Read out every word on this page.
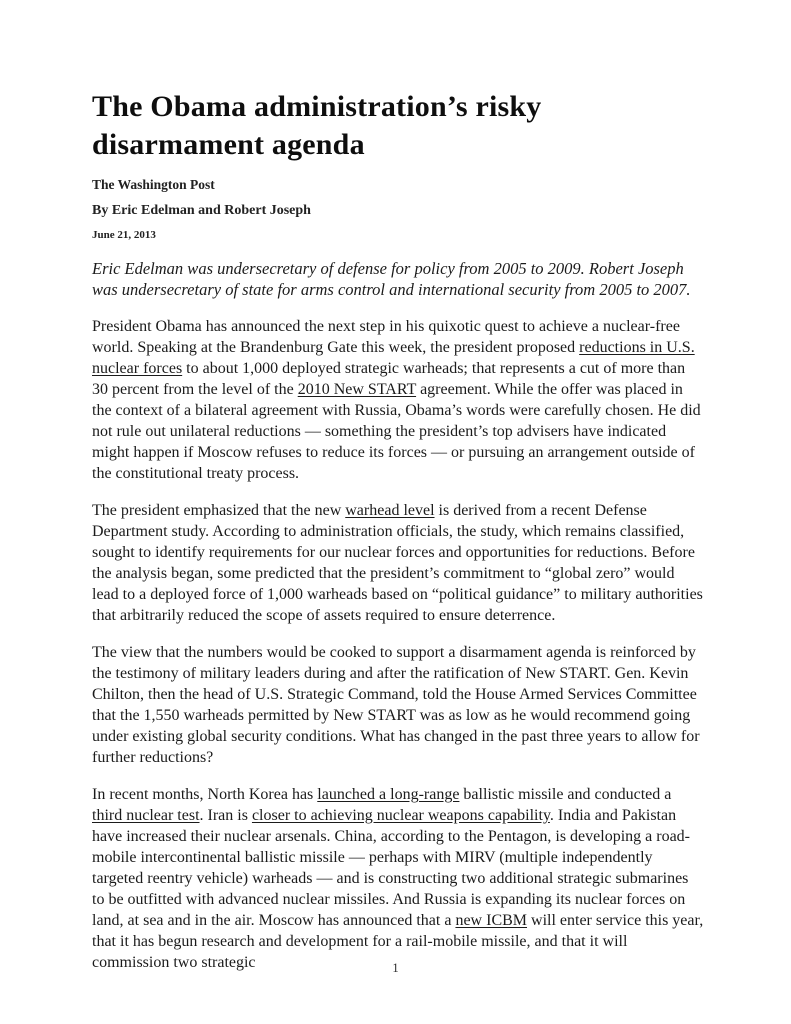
The Obama administration’s risky disarmament agenda
The Washington Post
By Eric Edelman and Robert Joseph
June 21, 2013

Eric Edelman was undersecretary of defense for policy from 2005 to 2009. Robert Joseph was undersecretary of state for arms control and international security from 2005 to 2007.

President Obama has announced the next step in his quixotic quest to achieve a nuclear-free world. Speaking at the Brandenburg Gate this week, the president proposed reductions in U.S. nuclear forces to about 1,000 deployed strategic warheads; that represents a cut of more than 30 percent from the level of the 2010 New START agreement. While the offer was placed in the context of a bilateral agreement with Russia, Obama’s words were carefully chosen. He did not rule out unilateral reductions — something the president’s top advisers have indicated might happen if Moscow refuses to reduce its forces — or pursuing an arrangement outside of the constitutional treaty process.

The president emphasized that the new warhead level is derived from a recent Defense Department study. According to administration officials, the study, which remains classified, sought to identify requirements for our nuclear forces and opportunities for reductions. Before the analysis began, some predicted that the president’s commitment to “global zero” would lead to a deployed force of 1,000 warheads based on “political guidance” to military authorities that arbitrarily reduced the scope of assets required to ensure deterrence.

The view that the numbers would be cooked to support a disarmament agenda is reinforced by the testimony of military leaders during and after the ratification of New START. Gen. Kevin Chilton, then the head of U.S. Strategic Command, told the House Armed Services Committee that the 1,550 warheads permitted by New START was as low as he would recommend going under existing global security conditions. What has changed in the past three years to allow for further reductions?

In recent months, North Korea has launched a long-range ballistic missile and conducted a third nuclear test. Iran is closer to achieving nuclear weapons capability. India and Pakistan have increased their nuclear arsenals. China, according to the Pentagon, is developing a road-mobile intercontinental ballistic missile — perhaps with MIRV (multiple independently targeted reentry vehicle) warheads — and is constructing two additional strategic submarines to be outfitted with advanced nuclear missiles. And Russia is expanding its nuclear forces on land, at sea and in the air. Moscow has announced that a new ICBM will enter service this year, that it has begun research and development for a rail-mobile missile, and that it will commission two strategic	1
